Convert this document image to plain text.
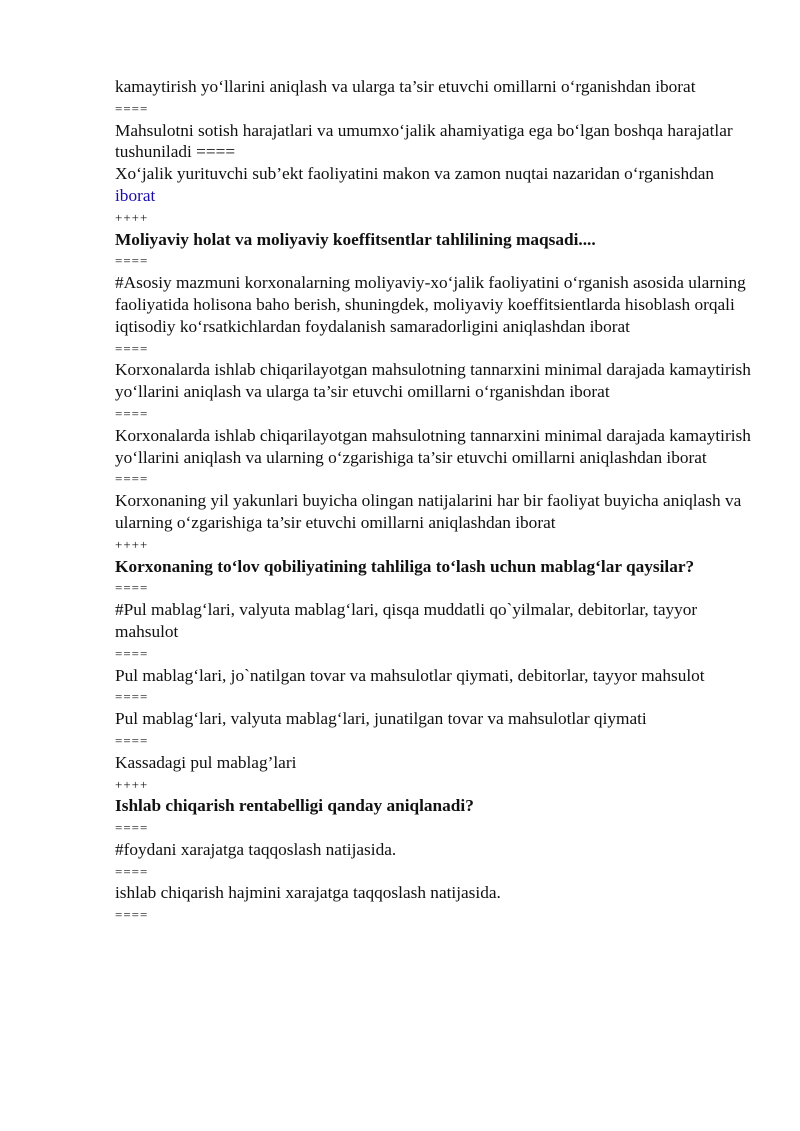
kamaytirish yo‘llarini aniqlash va ularga ta’sir etuvchi omillarni o‘rganishdan iborat

====

Mahsulotni sotish harajatlari va umumxo‘jalik ahamiyatiga ega bo‘lgan boshqa harajatlar tushuniladi ====

Xo‘jalik yurituvchi sub’ekt faoliyatini makon va zamon nuqtai nazaridan o‘rganishdan iborat

++++

Moliyaviy holat va moliyaviy koeffitsentlar tahlilining maqsadi....

====

#Asosiy mazmuni korxonalarning moliyaviy-xo‘jalik faoliyatini o‘rganish asosida ularning faoliyatida holisona baho berish, shuningdek, moliyaviy koeffitsientlarda hisoblash orqali iqtisodiy ko‘rsatkichlardan foydalanish samaradorligini aniqlashdan iborat

====

Korxonalarda ishlab chiqarilayotgan mahsulotning tannarxini minimal darajada kamaytirish yo‘llarini aniqlash va ularga ta’sir etuvchi omillarni o‘rganishdan iborat

====

Korxonalarda ishlab chiqarilayotgan mahsulotning tannarxini minimal darajada kamaytirish yo‘llarini aniqlash va ularning o‘zgarishiga ta’sir etuvchi omillarni aniqlashdan iborat

====

Korxonaning yil yakunlari buyicha olingan natijalarini har bir faoliyat buyicha aniqlash va ularning o‘zgarishiga ta’sir etuvchi omillarni aniqlashdan iborat

++++

Korxonaning to‘lov qobiliyatining tahliliga to‘lash uchun mablag‘lar qaysilar?

====

#Pul mablag‘lari, valyuta mablag‘lari, qisqa muddatli qo`yilmalar, debitorlar, tayyor mahsulot

====

Pul mablag‘lari, jo`natilgan tovar va mahsulotlar qiymati, debitorlar, tayyor mahsulot

====

Pul mablag‘lari, valyuta mablag‘lari, junatilgan tovar va mahsulotlar qiymati

====

Kassadagi pul mablag’lari

++++

Ishlab chiqarish rentabelligi qanday aniqlanadi?

====

#foydani xarajatga taqqoslash natijasida.

====

ishlab chiqarish hajmini xarajatga taqqoslash natijasida.

====
